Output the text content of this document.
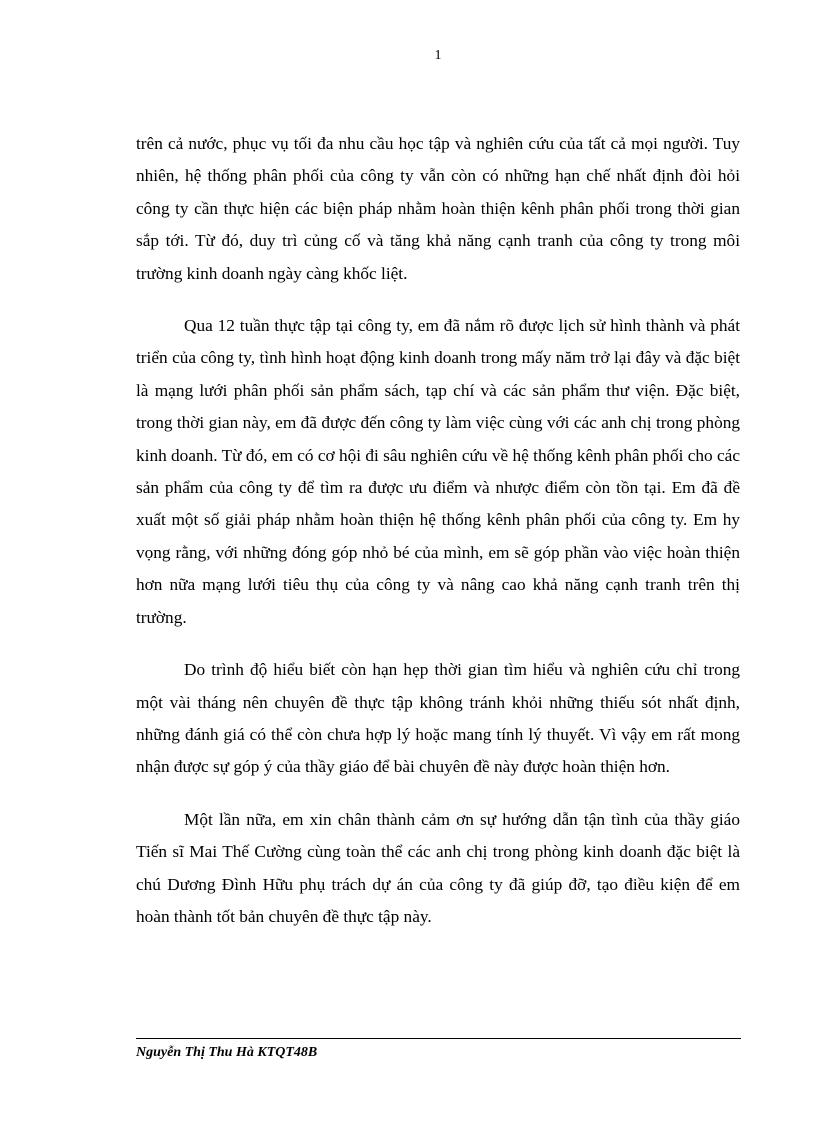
1

trên cả nước, phục vụ tối đa nhu cầu học tập và nghiên cứu của tất cả mọi người. Tuy nhiên, hệ thống phân phối của công ty vẫn còn có những hạn chế nhất định đòi hỏi công ty cần thực hiện các biện pháp nhằm hoàn thiện kênh phân phối trong thời gian sắp tới. Từ đó, duy trì củng cố và tăng khả năng cạnh tranh của công ty trong môi trường kinh doanh ngày càng khốc liệt.

Qua 12 tuần thực tập tại công ty, em đã nắm rõ được lịch sử hình thành và phát triển của công ty, tình hình hoạt động kinh doanh trong mấy năm trở lại đây và đặc biệt là mạng lưới phân phối sản phẩm sách, tạp chí và các sản phẩm thư viện. Đặc biệt, trong thời gian này, em đã được đến công ty làm việc cùng với các anh chị trong phòng kinh doanh. Từ đó, em có cơ hội đi sâu nghiên cứu về hệ thống kênh phân phối cho các sản phẩm của công ty để tìm ra được ưu điểm và nhược điểm còn tồn tại. Em đã đề xuất một số giải pháp nhằm hoàn thiện hệ thống kênh phân phối của công ty. Em hy vọng rằng, với những đóng góp nhỏ bé của mình, em sẽ góp phần vào việc hoàn thiện hơn nữa mạng lưới tiêu thụ của công ty và nâng cao khả năng cạnh tranh trên thị trường.

Do trình độ hiểu biết còn hạn hẹp thời gian tìm hiểu và nghiên cứu chỉ trong một vài tháng nên chuyên đề thực tập không tránh khỏi những thiếu sót nhất định, những đánh giá có thể còn chưa hợp lý hoặc mang tính lý thuyết. Vì vậy em rất mong nhận được sự góp ý của thầy giáo để bài chuyên đề này được hoàn thiện hơn.

Một lần nữa, em xin chân thành cảm ơn sự hướng dẫn tận tình của thầy giáo Tiến sĩ Mai Thế Cường cùng toàn thể các anh chị trong phòng kinh doanh đặc biệt là chú Dương Đình Hữu phụ trách dự án của công ty đã giúp đỡ, tạo điều kiện để em hoàn thành tốt bản chuyên đề thực tập này.

Nguyễn Thị Thu Hà KTQT48B
